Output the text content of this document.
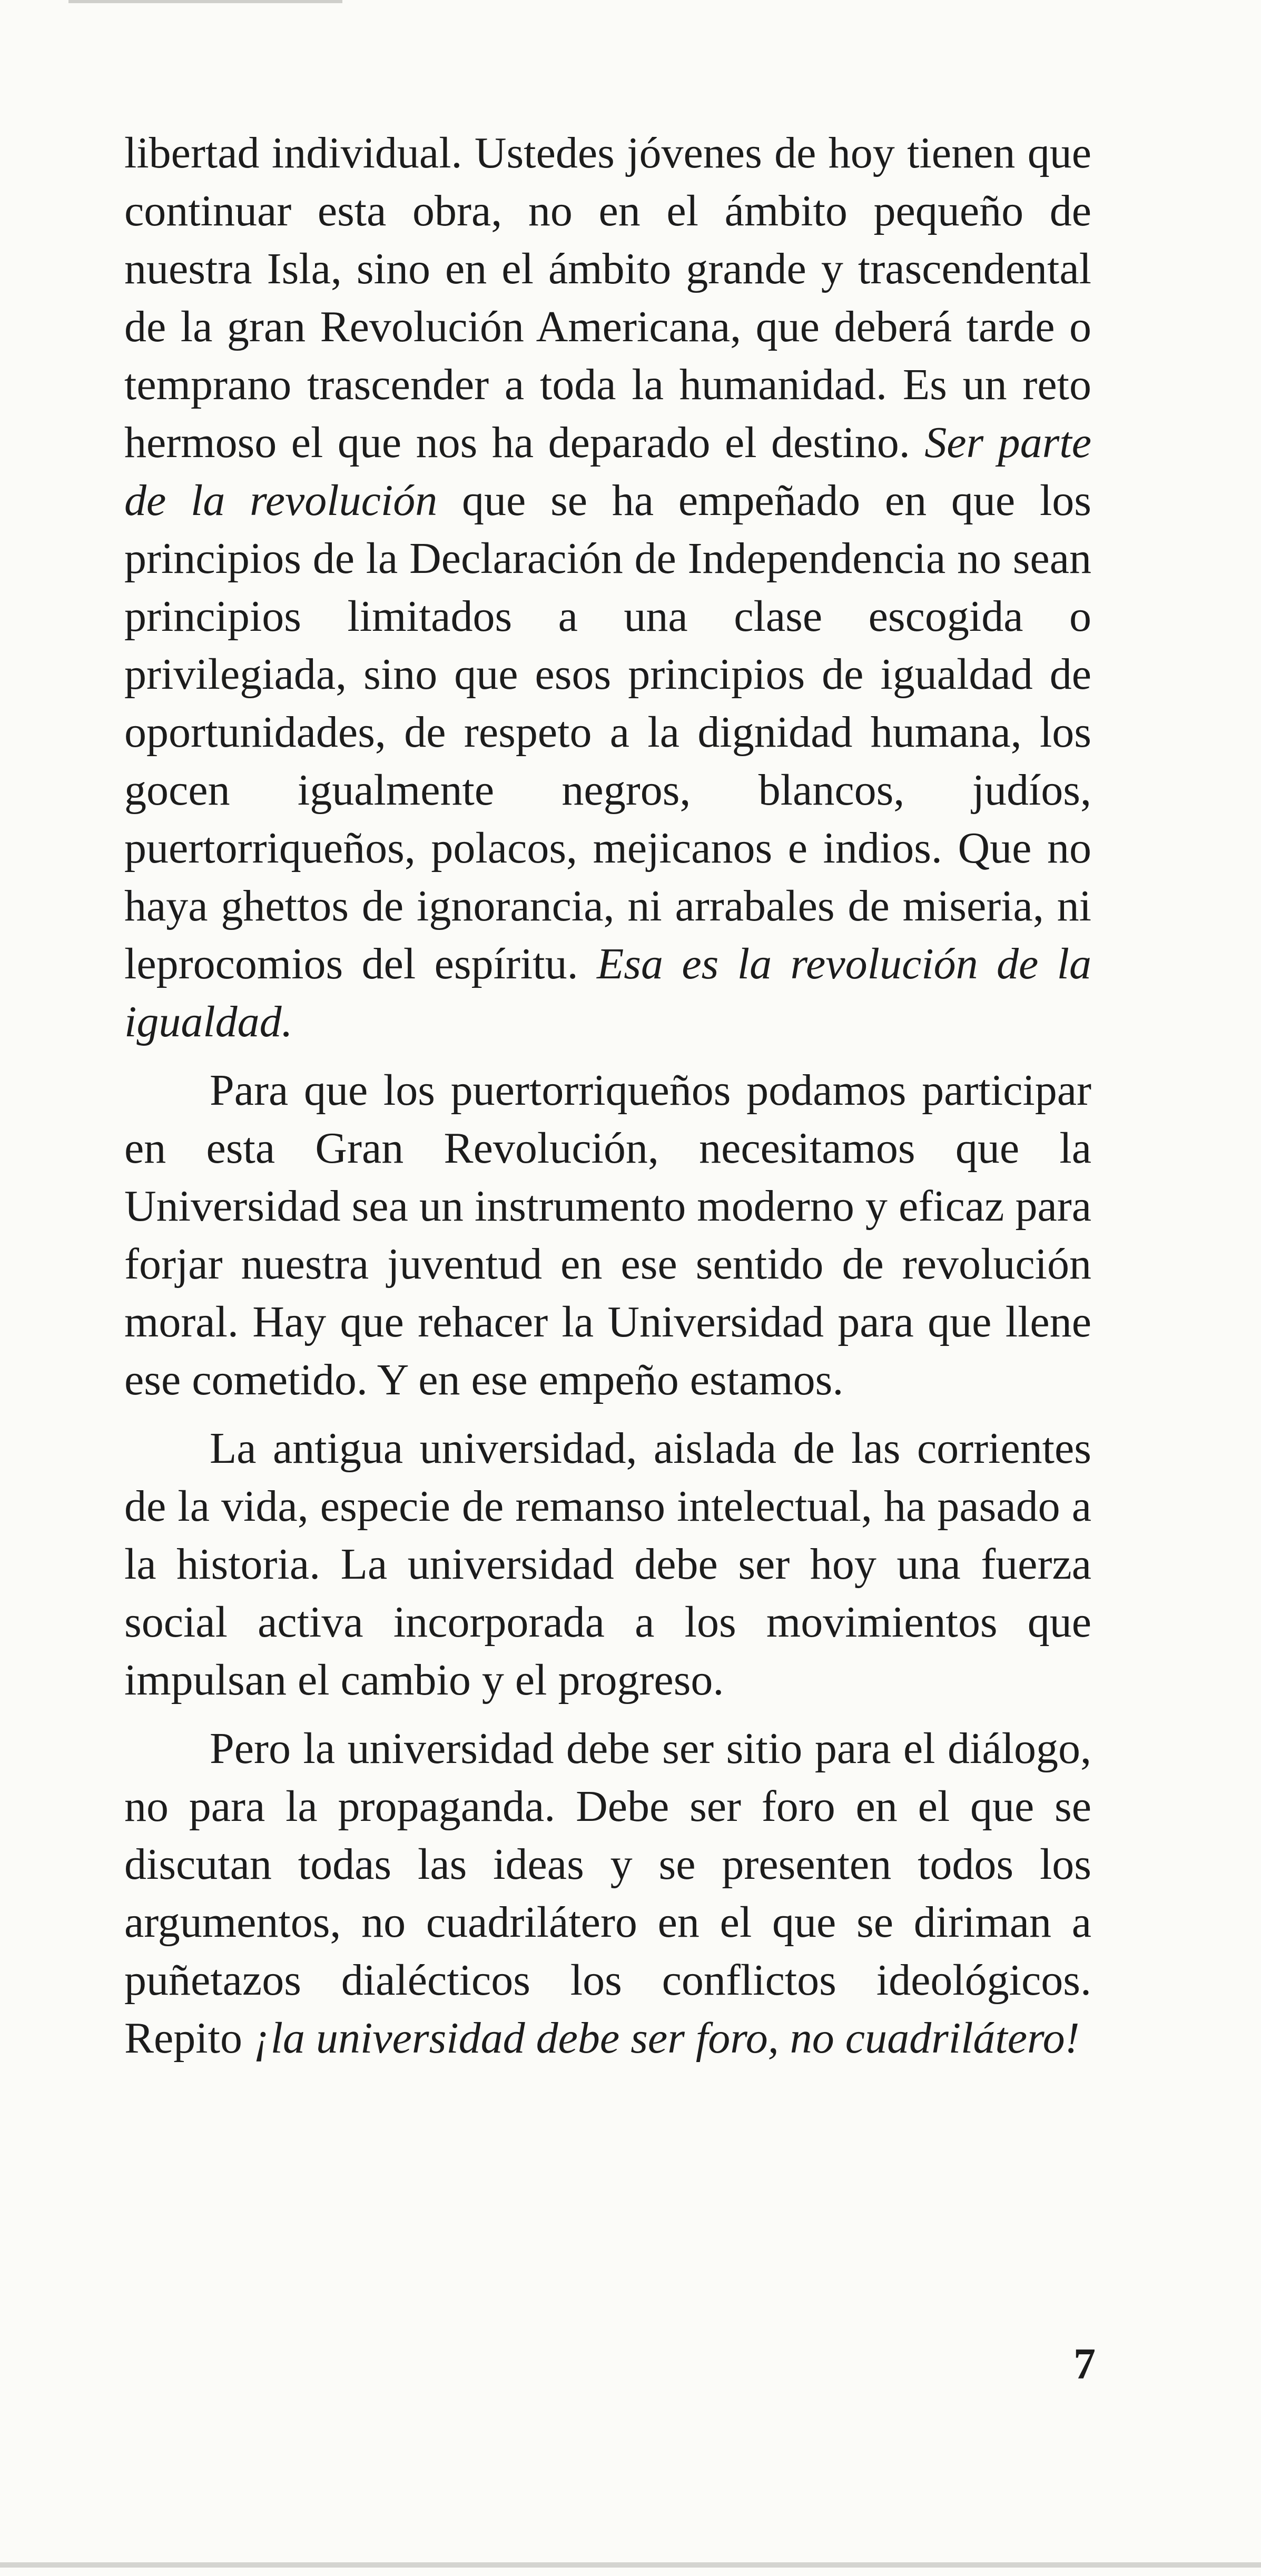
libertad individual. Ustedes jóvenes de hoy tienen que continuar esta obra, no en el ámbito pequeño de nuestra Isla, sino en el ámbito grande y trascendental de la gran Revolución Americana, que deberá tarde o temprano trascender a toda la humanidad. Es un reto hermoso el que nos ha deparado el destino. Ser parte de la revolución que se ha empeñado en que los principios de la Declaración de Independencia no sean principios limitados a una clase escogida o privilegiada, sino que esos principios de igualdad de oportunidades, de respeto a la dignidad humana, los gocen igualmente negros, blancos, judíos, puertorriqueños, polacos, mejicanos e indios. Que no haya ghettos de ignorancia, ni arrabales de miseria, ni leprocomios del espíritu. Esa es la revolución de la igualdad.

Para que los puertorriqueños podamos participar en esta Gran Revolución, necesitamos que la Universidad sea un instrumento moderno y eficaz para forjar nuestra juventud en ese sentido de revolución moral. Hay que rehacer la Universidad para que llene ese cometido. Y en ese empeño estamos.

La antigua universidad, aislada de las corrientes de la vida, especie de remanso intelectual, ha pasado a la historia. La universidad debe ser hoy una fuerza social activa incorporada a los movimientos que impulsan el cambio y el progreso.

Pero la universidad debe ser sitio para el diálogo, no para la propaganda. Debe ser foro en el que se discutan todas las ideas y se presenten todos los argumentos, no cuadrilátero en el que se diriman a puñetazos dialécticos los conflictos ideológicos. Repito ¡la universidad debe ser foro, no cuadrilátero!

7
